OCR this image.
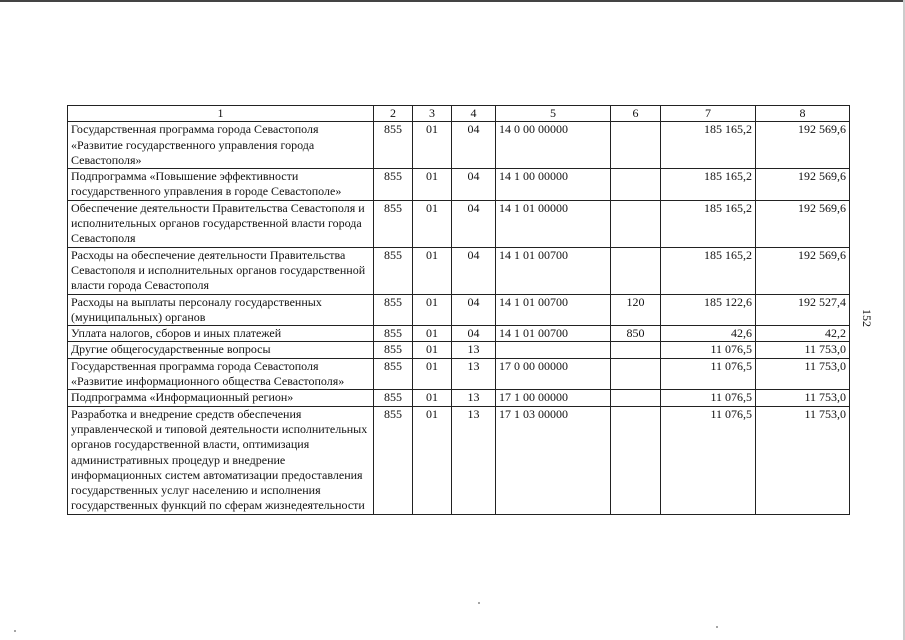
152
1	2	3	4	5	6	7	8
Государственная программа города Севастополя «Развитие государственного управления города Севастополя»	855	01	04	14 0 00 00000		185 165,2	192 569,6
Подпрограмма «Повышение эффективности государственного управления в городе Севастополе»	855	01	04	14 1 00 00000		185 165,2	192 569,6
Обеспечение деятельности Правительства Севастополя и исполнительных органов государственной власти города Севастополя	855	01	04	14 1 01 00000		185 165,2	192 569,6
Расходы на обеспечение деятельности Правительства Севастополя и исполнительных органов государственной власти города Севастополя	855	01	04	14 1 01 00700		185 165,2	192 569,6
Расходы на выплаты персоналу государственных (муниципальных) органов	855	01	04	14 1 01 00700	120	185 122,6	192 527,4
Уплата налогов, сборов и иных платежей	855	01	04	14 1 01 00700	850	42,6	42,2
Другие общегосударственные вопросы	855	01	13			11 076,5	11 753,0
Государственная программа города Севастополя «Развитие информационного общества Севастополя»	855	01	13	17 0 00 00000		11 076,5	11 753,0
Подпрограмма «Информационный регион»	855	01	13	17 1 00 00000		11 076,5	11 753,0
Разработка и внедрение средств обеспечения управленческой и типовой деятельности исполнительных органов государственной власти, оптимизация административных процедур и внедрение информационных систем автоматизации предоставления государственных услуг населению и исполнения государственных функций по сферам жизнедеятельности	855	01	13	17 1 03 00000		11 076,5	11 753,0
